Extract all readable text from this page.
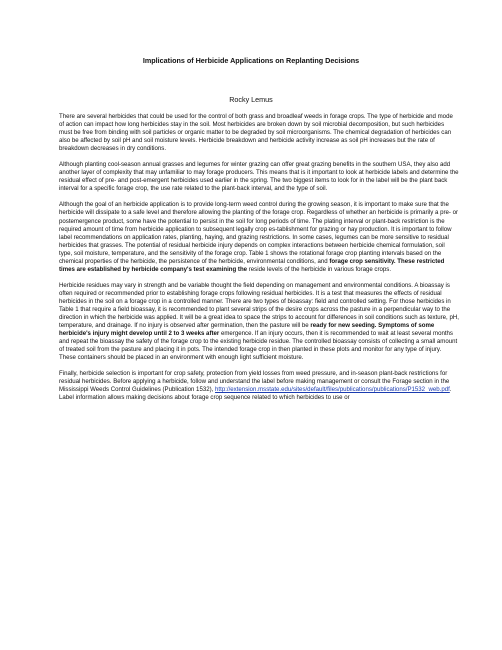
Implications of Herbicide Applications on Replanting Decisions
Rocky Lemus

There are several herbicides that could be used for the control of both grass and broadleaf weeds in forage crops. The type of herbicide and mode of action can impact how long herbicides stay in the soil. Most herbicides are broken down by soil microbial decomposition, but such herbicides must be free from binding with soil particles or organic matter to be degraded by soil microorganisms. The chemical degradation of herbicides can also be affected by soil pH and soil moisture levels. Herbicide breakdown and herbicide activity increase as soil pH increases but the rate of breakdown decreases in dry conditions.

Although planting cool-season annual grasses and legumes for winter grazing can offer great grazing benefits in the southern USA, they also add another layer of complexity that may unfamiliar to may forage producers. This means that is it important to look at herbicide labels and determine the residual effect of pre- and post-emergent herbicides used earlier in the spring. The two biggest items to look for in the label will be the plant back interval for a specific forage crop, the use rate related to the plant-back interval, and the type of soil.

Although the goal of an herbicide application is to provide long-term weed control during the growing season, it is important to make sure that the herbicide will dissipate to a safe level and therefore allowing the planting of the forage crop. Regardless of whether an herbicide is primarily a pre- or postemergence product, some have the potential to persist in the soil for long periods of time. The plating interval or plant-back restriction is the required amount of time from herbicide application to subsequent legally crop es-tablishment for grazing or hay production. It is important to follow label recommendations on application rates, planting, haying, and grazing restrictions. In some cases, legumes can be more sensitive to residual herbicides that grasses. The potential of residual herbicide injury depends on complex interactions between herbicide chemical formulation, soil type, soil moisture, temperature, and the sensitivity of the forage crop. Table 1 shows the rotational forage crop planting intervals based on the chemical properties of the herbicide, the persistence of the herbicide, environmental conditions, and forage crop sensitivity. These restricted times are established by herbicide company's test examining the reside levels of the herbicide in various forage crops.

Herbicide residues may vary in strength and be variable thought the field depending on management and environmental conditions. A bioassay is often required or recommended prior to establishing forage crops following residual herbicides. It is a test that measures the effects of residual herbicides in the soil on a forage crop in a controlled manner. There are two types of bioassay: field and controlled setting. For those herbicides in Table 1 that require a field bioassay, it is recommended to plant several strips of the desire crops across the pasture in a perpendicular way to the direction in which the herbicide was applied. It will be a great idea to space the strips to account for differences in soil conditions such as texture, pH, temperature, and drainage. If no injury is observed after germination, then the pasture will be ready for new seeding. Symptoms of some herbicide's injury might develop until 2 to 3 weeks after emergence. If an injury occurs, then it is recommended to wait at least several months and repeat the bioassay the safety of the forage crop to the existing herbicide residue. The controlled bioassay consists of collecting a small amount of treated soil from the pasture and placing it in pots. The intended forage crop in then planted in these plots and monitor for any type of injury. These containers should be placed in an environment with enough light sufficient moisture.

Finally, herbicide selection is important for crop safety, protection from yield losses from weed pressure, and in-season plant-back restrictions for residual herbicides. Before applying a herbicide, follow and understand the label before making management or consult the Forage section in the Mississippi Weeds Control Guidelines (Publication 1532), http://extension.msstate.edu/sites/default/files/publications/publications/P1532_web.pdf. Label information allows making decisions about forage crop sequence related to which herbicides to use or
